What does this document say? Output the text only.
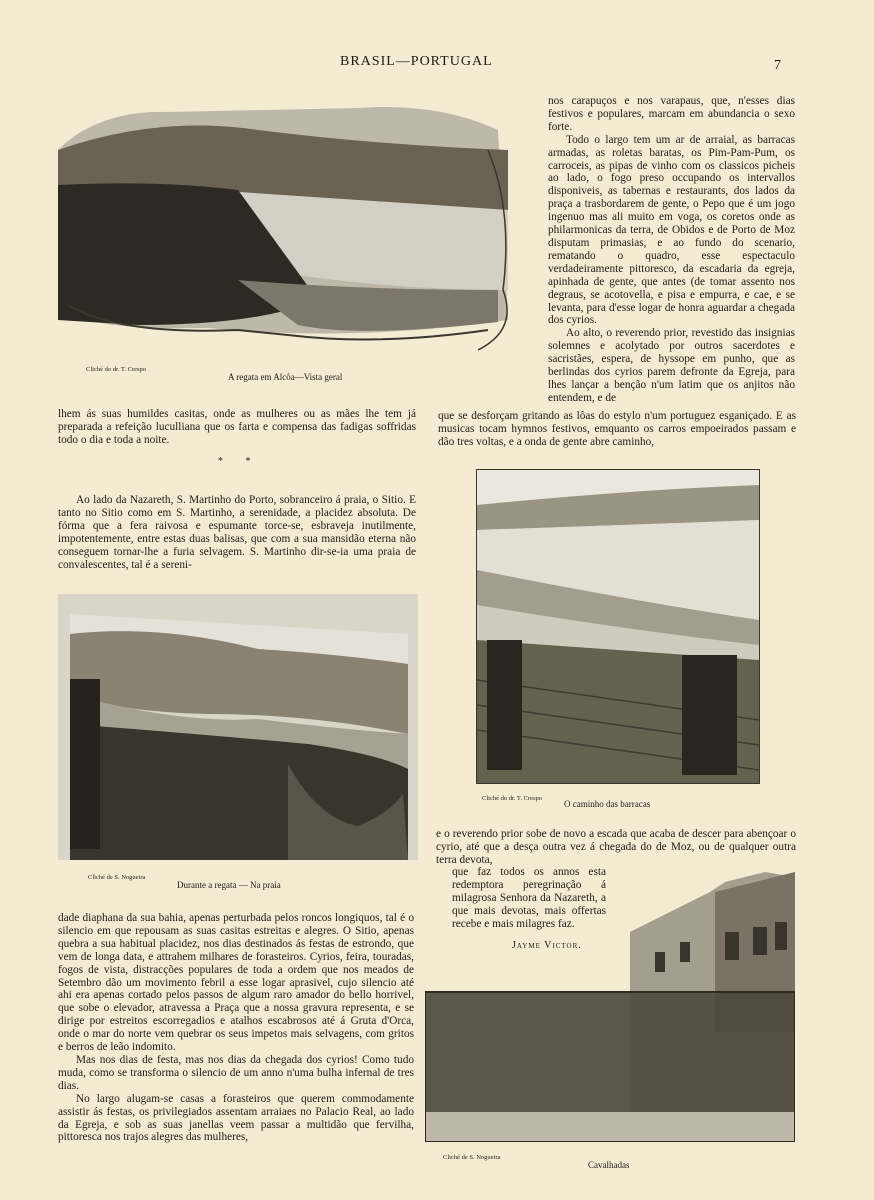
BRASIL—PORTUGAL	7
Cliché do dr. T. Crespo
A regata em Alcôa—Vista geral

nos carapuços e nos varapaus, que, n'esses dias festivos e populares, marcam em abundancia o sexo forte.

Todo o largo tem um ar de arraial, as barracas armadas, as roletas baratas, os Pim-Pam-Pum, os carroceis, as pipas de vinho com os classicos picheis ao lado, o fogo preso occupando os intervallos disponiveis, as tabernas e restaurants, dos lados da praça a trasbordarem de gente, o Pepo que é um jogo ingenuo mas ali muito em voga, os coretos onde as philarmonicas da terra, de Obidos e de Porto de Moz disputam primasias, e ao fundo do scenario, rematando o quadro, esse espectaculo verdadeiramente pittoresco, da escadaria da egreja, apinhada de gente, que antes (de tomar assento nos degraus, se acotovella, e pisa e empurra, e cae, e se levanta, para d'esse logar de honra aguardar a chegada dos cyrios.

Ao alto, o reverendo prior, revestido das insignias solemnes e acolytado por outros sacerdotes e sacristães, espera, de hyssope em punho, que as berlindas dos cyrios parem defronte da Egreja, para lhes lançar a benção n'um latim que os anjitos não entendem, e de

que se desforçam gritando as lôas do estylo n'um portuguez esganiçado. E as musicas tocam hymnos festivos, emquanto os carros empoeirados passam e dão tres voltas, e a onda de gente abre caminho,

lhem ás suas humildes casitas, onde as mulheres ou as mães lhe tem já preparada a refeição luculliana que os farta e compensa das fadigas soffridas todo o dia e toda a noite.

* *

Ao lado da Nazareth, S. Martinho do Porto, sobranceiro á praia, o Sitio. E tanto no Sitio como em S. Martinho, a serenidade, a placidez absoluta. De fórma que a fera raivosa e espumante torce-se, esbraveja inutilmente, impotentemente, entre estas duas balisas, que com a sua mansidão eterna não conseguem tornar-lhe a furia selvagem. S. Martinho dir-se-ia uma praia de convalescentes, tal é a sereni-

Cliché de S. Nogueira
Durante a regata — Na praia
Cliché do dr. T. Crespo
O caminho das barracas

e o reverendo prior sobe de novo a escada que acaba de descer para abençoar o cyrio, até que a desça outra vez á chegada do de Moz, ou de qualquer outra terra devota,

que faz todos os annos esta redemptora peregrinação á milagrosa Senhora da Nazareth, a que mais devotas, mais offertas recebe e mais milagres faz.

Jayme Victor.

dade diaphana da sua bahia, apenas perturbada pelos roncos longiquos, tal é o silencio em que repousam as suas casitas estreitas e alegres. O Sitio, apenas quebra a sua habitual placidez, nos dias destinados ás festas de estrondo, que vem de longa data, e attrahem milhares de forasteiros. Cyrios, feira, touradas, fogos de vista, distracções populares de toda a ordem que nos meados de Setembro dão um movimento febril a esse logar aprasivel, cujo silencio até ahi era apenas cortado pelos passos de algum raro amador do bello horrivel, que sobe o elevador, atravessa a Praça que a nossa gravura representa, e se dirige por estreitos escorregadios e atalhos escabrosos até á Gruta d'Orca, onde o mar do norte vem quebrar os seus impetos mais selvagens, com gritos e berros de leão indomito.

Mas nos dias de festa, mas nos dias da chegada dos cyrios! Como tudo muda, como se transforma o silencio de um anno n'uma bulha infernal de tres dias.

No largo alugam-se casas a forasteiros que querem commodamente assistir ás festas, os privilegiados assentam arraiaes no Palacio Real, ao lado da Egreja, e sob as suas janellas veem passar a multidão que fervilha, pittoresca nos trajos alegres das mulheres,

Cliché de S. Nogueira
Cavalhadas
